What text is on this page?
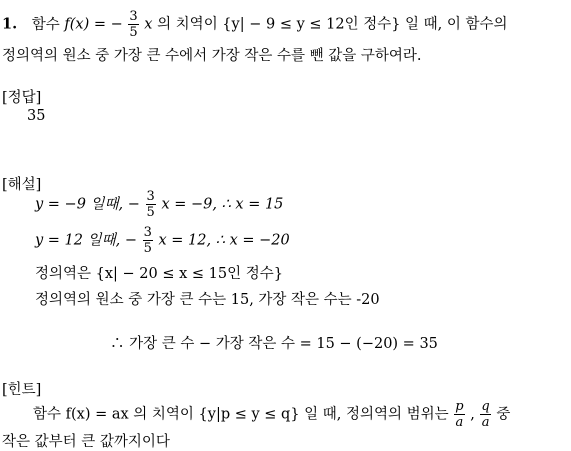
1. 함수 f(x) = − $\frac{3}{5}$ x 의 치역이 {y| − 9 ≤ y ≤ 12인 정수} 일 때, 이 함수의
정의역의 원소 중 가장 큰 수에서 가장 작은 수를 뺀 값을 구하여라.
[정답]
35
[해설]
y = −9 일때, − $\frac{3}{5}$ x = −9, ∴ x = 15
y = 12 일때, − $\frac{3}{5}$ x = 12, ∴ x = −20
정의역은 {x| − 20 ≤ x ≤ 15인 정수}
정의역의 원소 중 가장 큰 수는 15, 가장 작은 수는 -20
∴ 가장 큰 수 − 가장 작은 수 = 15 − (−20) = 35
[힌트]
함수 f(x) = ax 의 치역이 {y|p ≤ y ≤ q} 일 때, 정의역의 범위는 $\frac{p}{a}$ , $\frac{q}{a}$ 중
작은 값부터 큰 값까지이다
